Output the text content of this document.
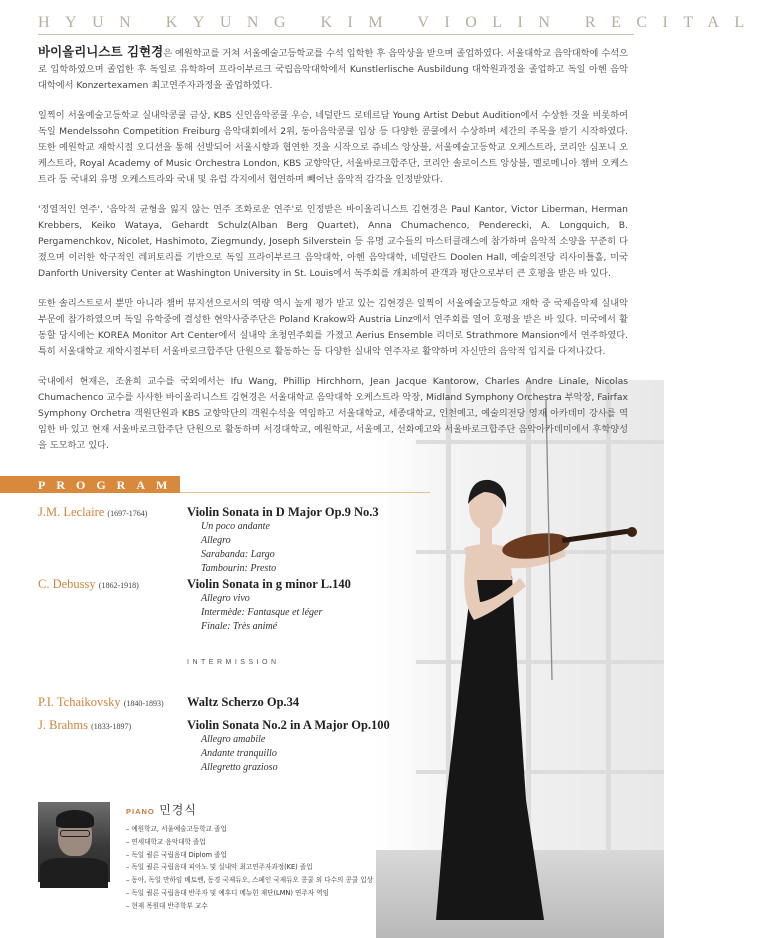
HYUN KYUNG KIM VIOLIN RECITAL

바이올리니스트 김현경은 예원학교를 거쳐 서울예술고등학교를 수석 입학한 후 음악상을 받으며 졸업하였다. 서울대학교 음악대학에 수석으로 입학하였으며 졸업한 후 독일로 유학하여 프라이부르크 국립음악대학에서 Kunstlerlische Ausbildung 대학원과정을 졸업하고 독일 아헨 음악대학에서 Konzertexamen 최고연주자과정을 졸업하였다.

일찍이 서울예술고등학교 실내악콩쿨 금상, KBS 신인음악콩쿨 우승, 네덜란드 로테르담 Young Artist Debut Audition에서 수상한 것을 비롯하여 독일 Mendelssohn Competition Freiburg 음악대회에서 2위, 동아음악콩쿨 입상 등 다양한 콩쿨에서 수상하며 세간의 주목을 받기 시작하였다. 또한 예원학교 재학시절 오디션을 통해 선발되어 서울시향과 협연한 것을 시작으로 쥬네스 앙상블, 서울예술고등학교 오케스트라, 코리안 심포니 오케스트라, Royal Academy of Music Orchestra London, KBS 교향악단, 서울바로크합주단, 코리안 솔로이스트 앙상블, 멜로메니아 챔버 오케스트라 등 국내외 유명 오케스트라와 국내 및 유럽 각지에서 협연하며 빼어난 음악적 감각을 인정받았다.

'정열적인 연주', '음악적 균형을 잃지 않는 연주 조화로운 연주'로 인정받은 바이올리니스트 김현경은 Paul Kantor, Victor Liberman, Herman Krebbers, Keiko Wataya, Gehardt Schulz(Alban Berg Quartet), Anna Chumachenco, Penderecki, A. Longquich, B. Pergamenchkov, Nicolet, Hashimoto, Ziegmundy, Joseph Silverstein 등 유명 교수들의 마스터클래스에 참가하며 음악적 소양을 꾸준히 다졌으며 이러한 학구적인 레퍼토리를 기반으로 독일 프라이부르크 음악대학, 아헨 음악대학, 네덜란드 Doolen Hall, 예술의전당 리사이틀홀, 미국 Danforth University Center at Washington University in St. Louis에서 독주회를 개최하여 관객과 평단으로부터 큰 호평을 받은 바 있다.

또한 솔리스트로서 뿐만 아니라 챔버 뮤지션으로서의 역량 역시 높게 평가 받고 있는 김현경은 일찍이 서울예술고등학교 재학 중 국제음악제 실내악부문에 참가하였으며 독일 유학중에 결성한 현악사중주단은 Poland Krakow와 Austria Linz에서 연주회를 열어 호평을 받은 바 있다. 미국에서 활동할 당시에는 KOREA Monitor Art Center에서 실내악 초청연주회를 가졌고 Aerius Ensemble 리더로 Strathmore Mansion에서 연주하였다. 특히 서울대학교 재학시절부터 서울바로크합주단 단원으로 활동하는 등 다양한 실내악 연주자로 활약하며 자신만의 음악적 입지를 다져나갔다.

국내에서 현재은, 조윤희 교수를 국외에서는 Ifu Wang, Phillip Hirchhorn, Jean Jacque Kantorow, Charles Andre Linale, Nicolas Chumachenco 교수를 사사한 바이올리니스트 김현경은 서울대학교 음악대학 오케스트라 악장, Midland Symphony Orchestra 부악장, Fairfax Symphony Orchetra 객원단원과 KBS 교향악단의 객원수석을 역임하고 서울대학교, 세종대학교, 인천예고, 예술의전당 영재 아카데미 강사를 역임한 바 있고 현재 서울바로크합주단 단원으로 활동하며 서경대학교, 예원학교, 서울예고, 선화예고와 서울바로크합주단 음악아카데미에서 후학양성을 도모하고 있다.

PROGRAM
J.M. Leclaire (1697-1764)	Violin Sonata in D Major Op.9 No.3
Un poco andante
Allegro
Sarabanda: Largo
Tambourin: Presto
C. Debussy (1862-1918)	Violin Sonata in g minor L.140
Allegro vivo
Intermède: Fantasque et léger
Finale: Très animé
INTERMISSION
P.I. Tchaikovsky (1840-1893) Waltz Scherzo Op.34
J. Brahms (1833-1897)	Violin Sonata No.2 in A Major Op.100
Allegro amabile
Andante tranquillo
Allegretto grazioso
PIANO 민경식
– 예원학교, 서울예술고등학교 졸업
– 연세대학교 음악대학 졸업
– 독일 쾰른 국립음대 Diplom 졸업
– 독일 쾰른 국립음대 피아노 및 실내악 최고연주자과정(KE) 졸업
– 동아, 독일 만하임 베토벤, 동경 국제듀오, 스페인 국제듀오 콩쿨 외 다수의 콩쿨 입상
– 독일 쾰른 국립음대 반주자 및 예후디 메뉴힌 재단(LMN) 연주자 역임
– 현재 목원대 반주학부 교수
